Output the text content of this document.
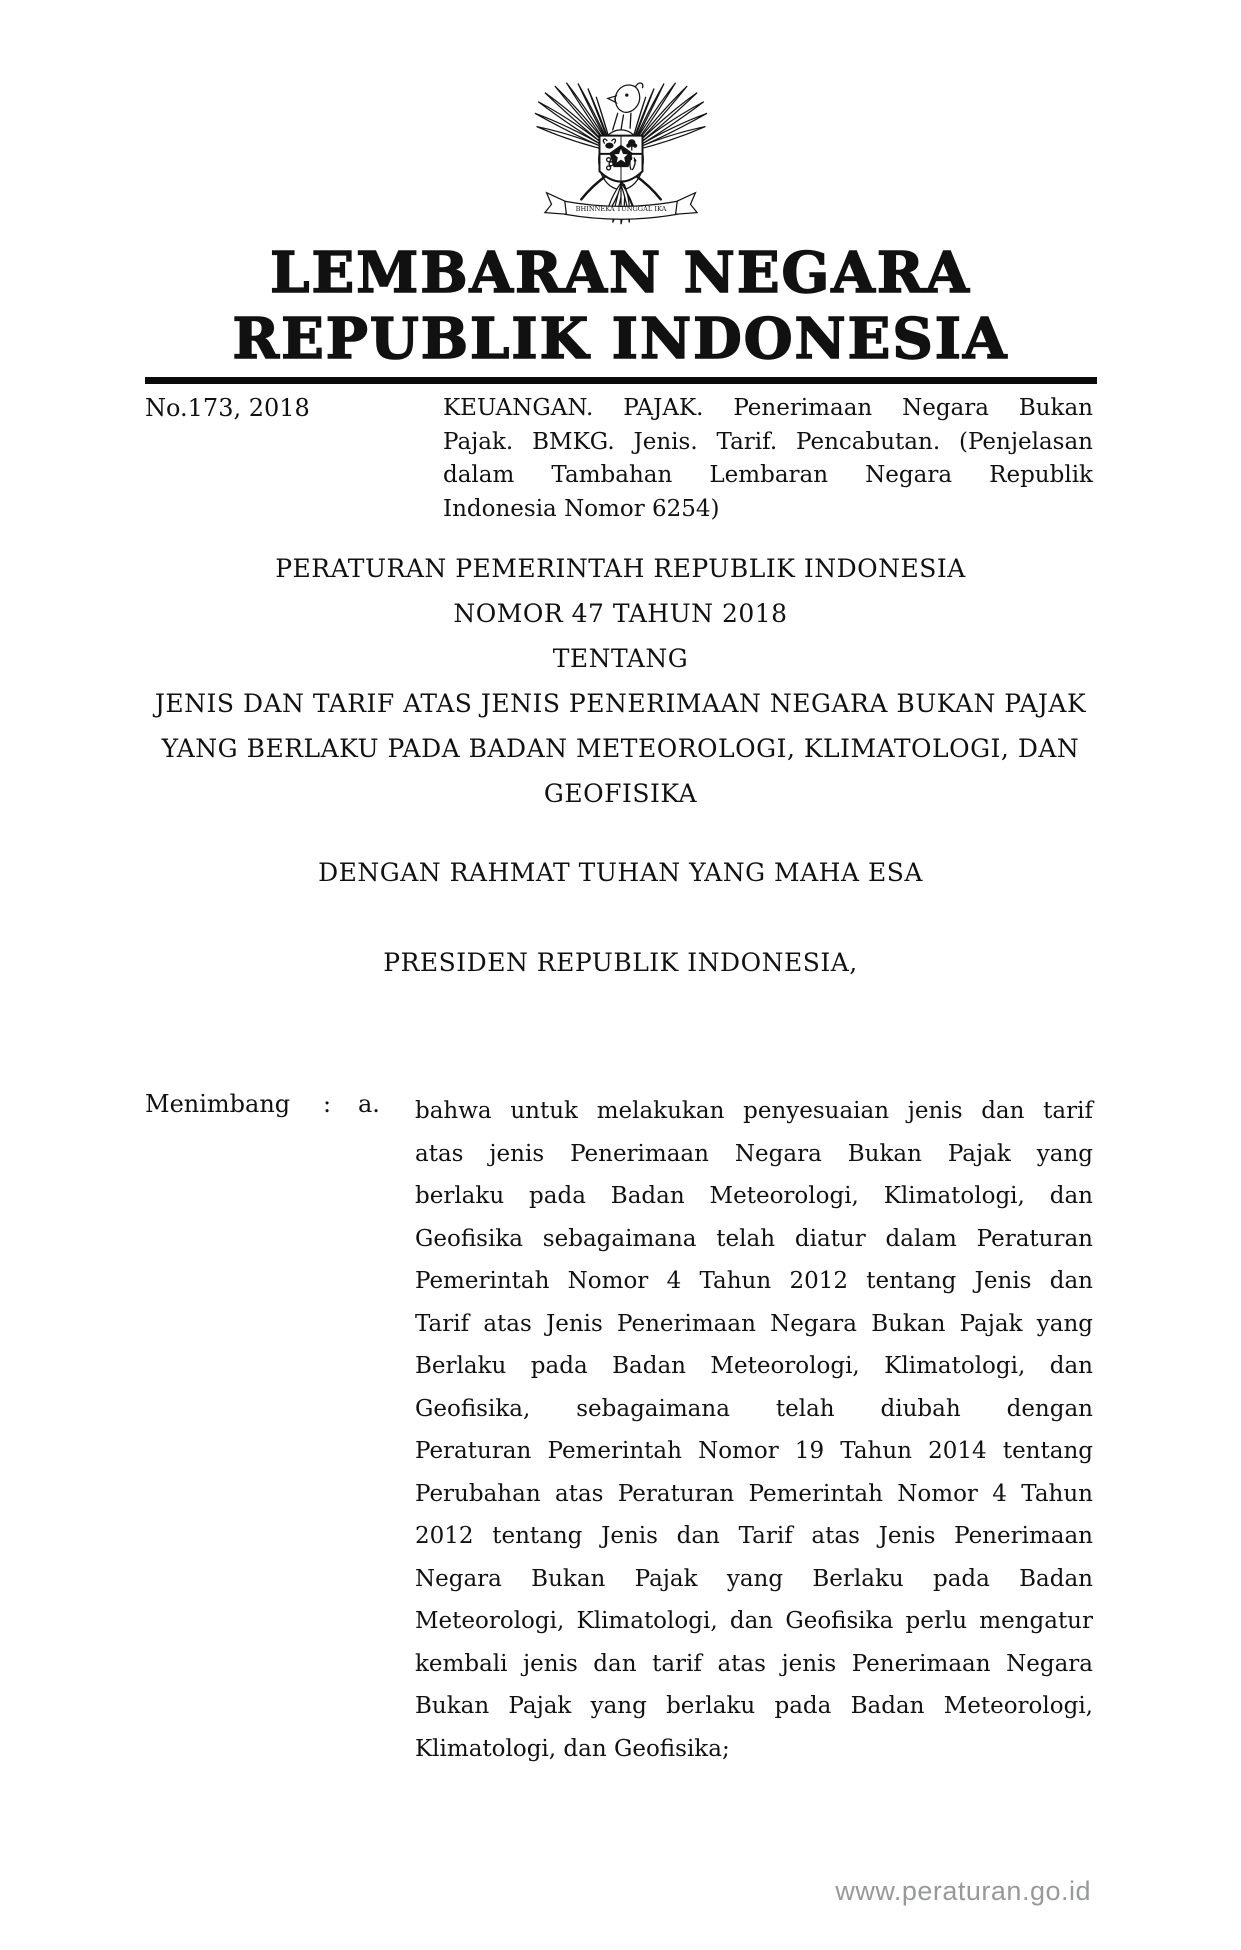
BHINNEKA TUNGGAL IKA
LEMBARAN NEGARA
REPUBLIK INDONESIA
No.173, 2018	KEUANGAN. PAJAK. Penerimaan Negara Bukan
Pajak. BMKG. Jenis. Tarif. Pencabutan. (Penjelasan
dalam Tambahan Lembaran Negara Republik
Indonesia Nomor 6254)
PERATURAN PEMERINTAH REPUBLIK INDONESIA
NOMOR 47 TAHUN 2018
TENTANG
JENIS DAN TARIF ATAS JENIS PENERIMAAN NEGARA BUKAN PAJAK
YANG BERLAKU PADA BADAN METEOROLOGI, KLIMATOLOGI, DAN
GEOFISIKA
DENGAN RAHMAT TUHAN YANG MAHA ESA
PRESIDEN REPUBLIK INDONESIA,
Menimbang : a. bahwa untuk melakukan penyesuaian jenis dan tarif
atas jenis Penerimaan Negara Bukan Pajak yang
berlaku pada Badan Meteorologi, Klimatologi, dan
Geofisika sebagaimana telah diatur dalam Peraturan
Pemerintah Nomor 4 Tahun 2012 tentang Jenis dan
Tarif atas Jenis Penerimaan Negara Bukan Pajak yang
Berlaku pada Badan Meteorologi, Klimatologi, dan
Geofisika, sebagaimana telah diubah dengan
Peraturan Pemerintah Nomor 19 Tahun 2014 tentang
Perubahan atas Peraturan Pemerintah Nomor 4 Tahun
2012 tentang Jenis dan Tarif atas Jenis Penerimaan
Negara Bukan Pajak yang Berlaku pada Badan
Meteorologi, Klimatologi, dan Geofisika perlu mengatur
kembali jenis dan tarif atas jenis Penerimaan Negara
Bukan Pajak yang berlaku pada Badan Meteorologi,
Klimatologi, dan Geofisika;
www.peraturan.go.id
